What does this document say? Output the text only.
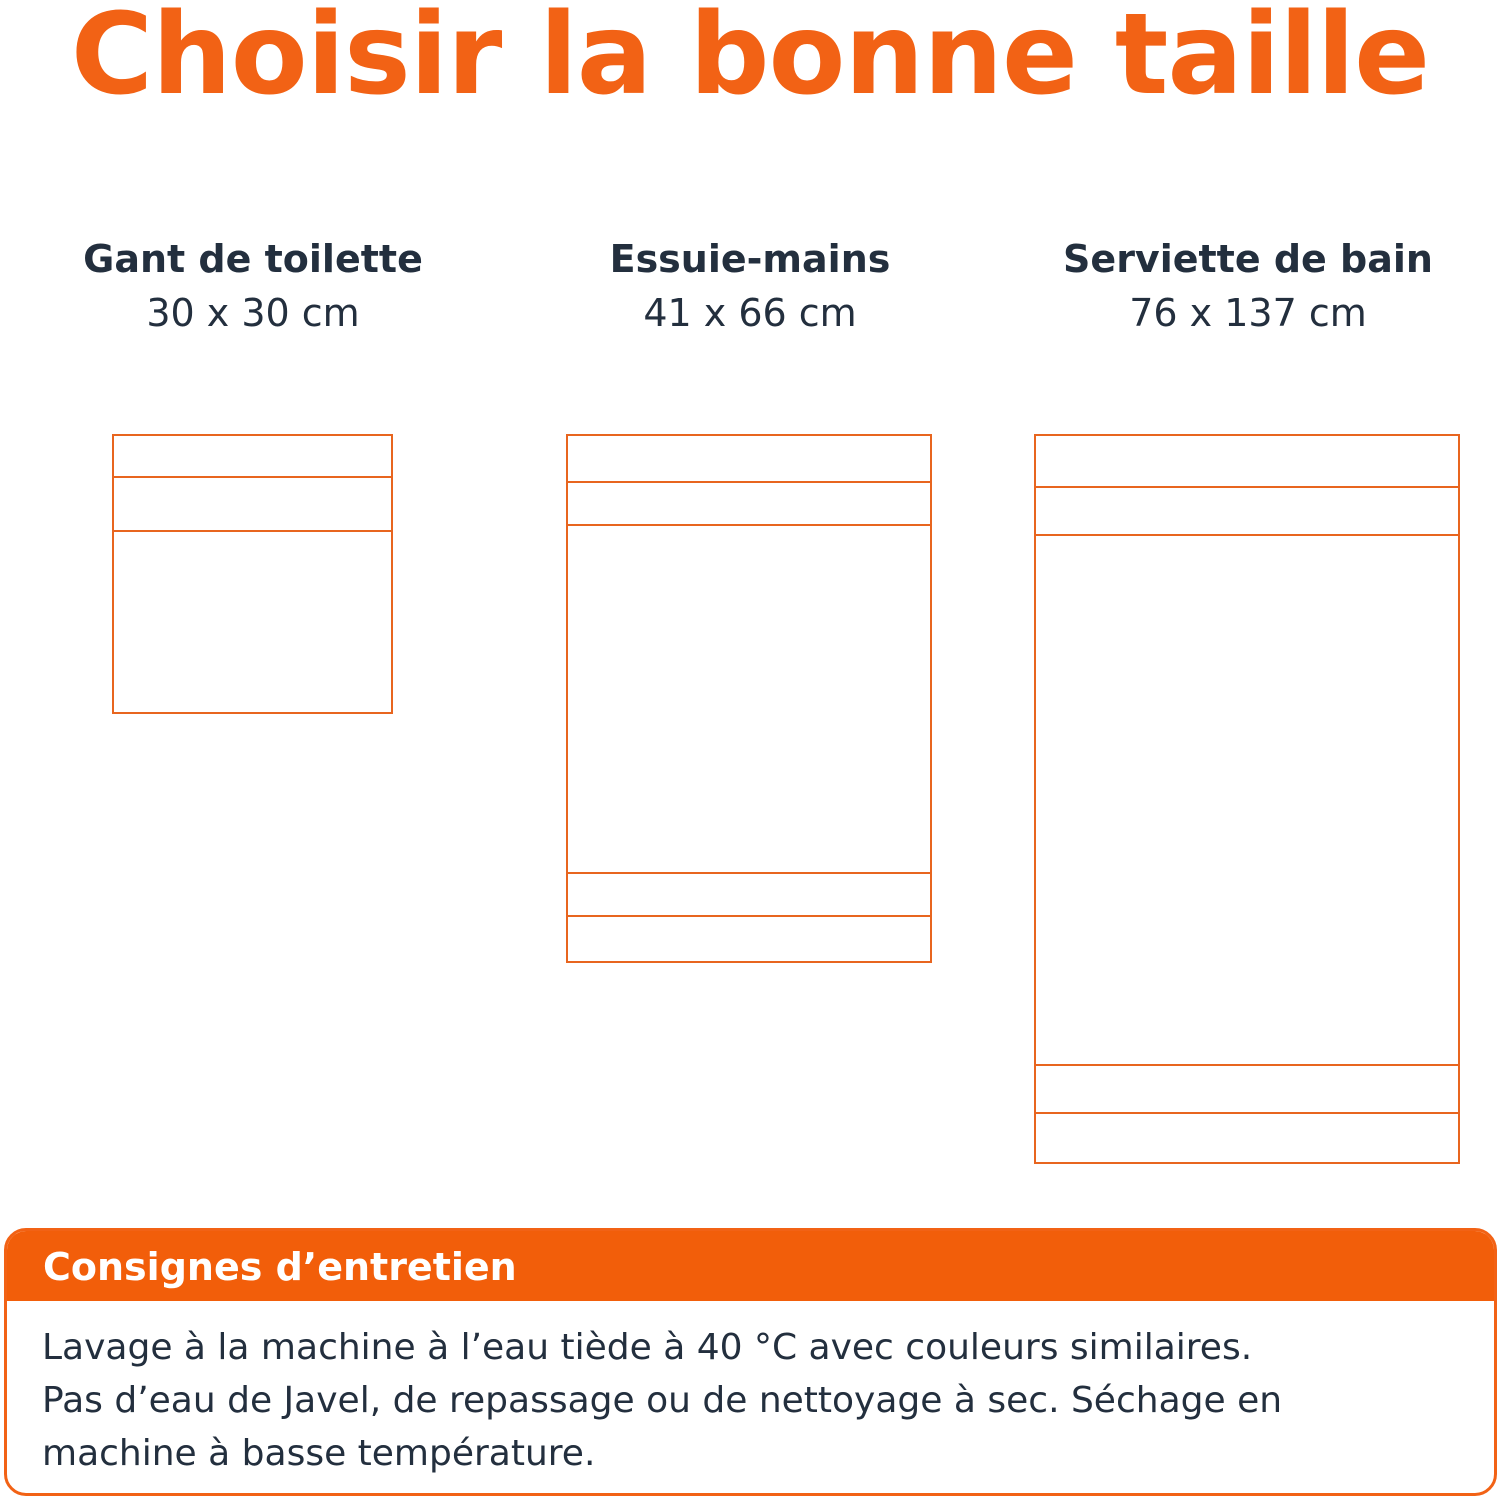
Choisir la bonne taille
Gant de toilette
30 x 30 cm
Essuie-mains
41 x 66 cm
Serviette de bain
76 x 137 cm
Consignes d’entretien
Lavage à la machine à l’eau tiède à 40 °C avec couleurs similaires.
Pas d’eau de Javel, de repassage ou de nettoyage à sec. Séchage en
machine à basse température.
